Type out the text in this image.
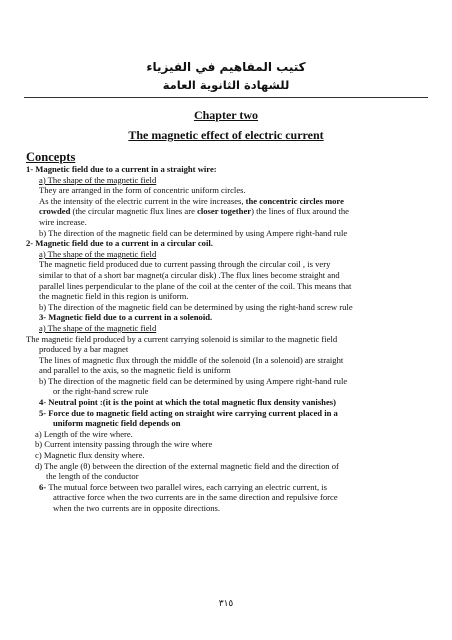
كتيب المفاهيم في الفيزياء
للشهادة الثانوية العامة
Chapter two
The magnetic effect of electric current
Concepts
1- Magnetic field due to a current in a straight wire:
a) The shape of the magnetic field
They are arranged in the form of concentric uniform circles.
As the intensity of the electric current in the wire increases, the concentric circles more
crowded (the circular magnetic flux lines are closer together) the lines of flux around the
wire increase.
b) The direction of the magnetic field can be determined by using Ampere right-hand rule
2- Magnetic field due to a current in a circular coil.
a) The shape of the magnetic field
The magnetic field produced due to current passing through the circular coil , is very
similar to that of a short bar magnet(a circular disk) .The flux lines become straight and
parallel lines perpendicular to the plane of the coil at the center of the coil. This means that
the magnetic field in this region is uniform.
b) The direction of the magnetic field can be determined by using the right-hand screw rule
3- Magnetic field due to a current in a solenoid.
a) The shape of the magnetic field
The magnetic field produced by a current carrying solenoid is similar to the magnetic field
produced by a bar magnet
The lines of magnetic flux through the middle of the solenoid (In a solenoid) are straight
and parallel to the axis, so the magnetic field is uniform
b) The direction of the magnetic field can be determined by using Ampere right-hand rule
or the right-hand screw rule
4- Neutral point :(it is the point at which the total magnetic flux density vanishes)
5- Force due to magnetic field acting on straight wire carrying current placed in a
uniform magnetic field depends on
a) Length of the wire where.
b) Current intensity passing through the wire where
c) Magnetic flux density where.
d) The angle (θ) between the direction of the external magnetic field and the direction of
the length of the conductor
6- The mutual force between two parallel wires, each carrying an electric current, is
attractive force when the two currents are in the same direction and repulsive force
when the two currents are in opposite directions.
٣١٥
